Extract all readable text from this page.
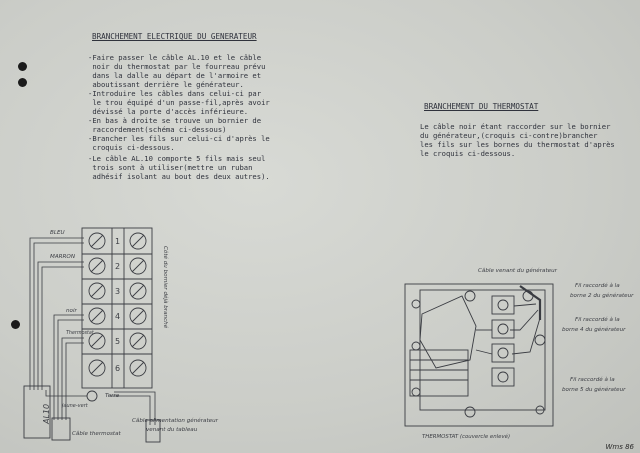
BRANCHEMENT ELECTRIQUE DU GENERATEUR
-Faire passer le câble AL.10 et le câble
noir du thermostat par le fourreau prévu
dans la dalle au départ de l'armoire et
aboutissant derrière le générateur.
-Introduire les câbles dans celui-ci par
le trou équipé d'un passe-fil,après avoir
dévissé la porte d'accès inférieure.
-En bas à droite se trouve un bornier de
raccordement(schéma ci-dessous)
-Brancher les fils sur celui-ci d'après le
croquis ci-dessous.
-Le câble AL.10 comporte 5 fils mais seul
trois sont à utiliser(mettre un ruban
adhésif isolant au bout des deux autres).
BRANCHEMENT DU THERMOSTAT
Le câble noir étant raccorder sur le bornier
du générateur,(croquis ci-contre)brancher
les fils sur les bornes du thermostat d'après
le croquis ci-dessous.
1
2
3
4
5
6
BLEU
MARRON
noir
Thermostat
Terre
jaune-vert
AL10
Câble thermostat
Câble alimentation générateur
venant du tableau
Côté du bornier déjà branché	Câble venant du générateur
Fil raccordé à la
borne 2 du générateur
Fil raccordé à la
borne 4 du générateur
Fil raccordé à la
borne 5 du générateur
THERMOSTAT (couvercle enlevé)
Wms 86
